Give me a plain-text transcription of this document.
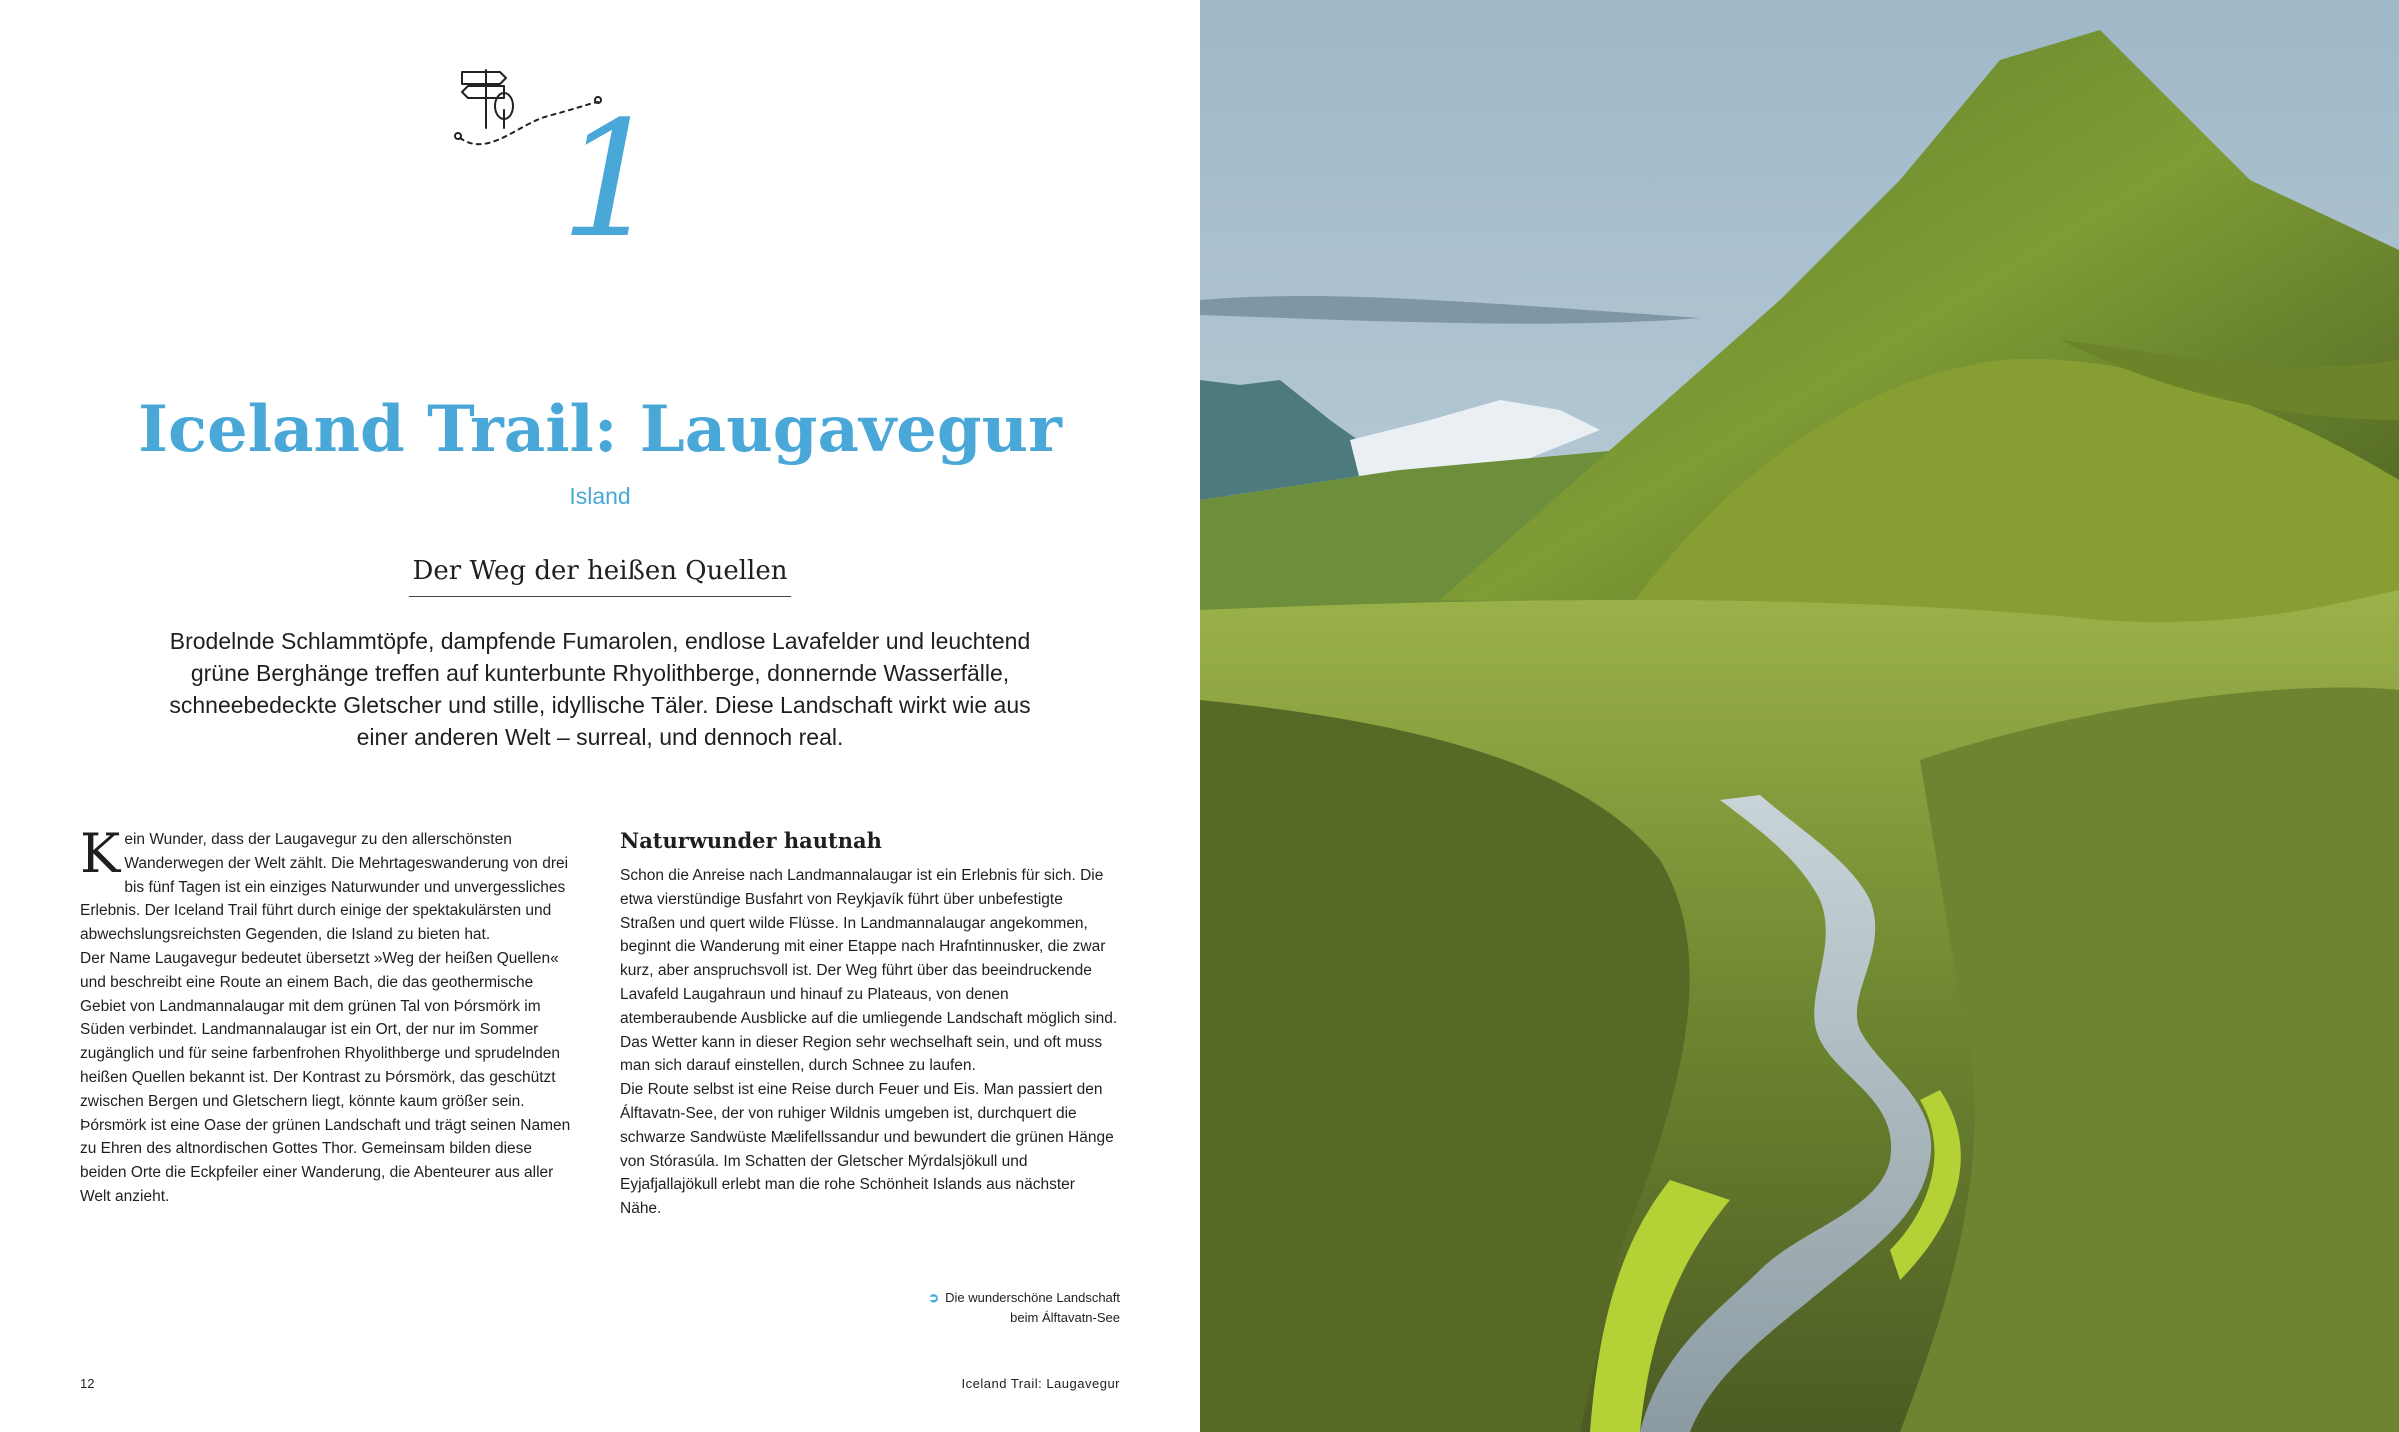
1
Iceland Trail: Laugavegur
Island
Der Weg der heißen Quellen

Brodelnde Schlammtöpfe, dampfende Fumarolen, endlose Lavafelder und leuchtend grüne Berghänge treffen auf kunterbunte Rhyolithberge, donnernde Wasserfälle, schneebedeckte Gletscher und stille, idyllische Täler. Diese Landschaft wirkt wie aus einer anderen Welt – surreal, und dennoch real.

Kein Wunder, dass der Laugavegur zu den allerschönsten Wanderwegen der Welt zählt. Die Mehrtageswanderung von drei bis fünf Tagen ist ein einziges Naturwunder und unvergessliches Erlebnis. Der Iceland Trail führt durch einige der spektakulärsten und abwechslungsreichsten Gegenden, die Island zu bieten hat.

Der Name Laugavegur bedeutet übersetzt »Weg der heißen Quellen« und beschreibt eine Route an einem Bach, die das geothermische Gebiet von Landmannalaugar mit dem grünen Tal von Þórsmörk im Süden verbindet. Landmannalaugar ist ein Ort, der nur im Sommer zugänglich und für seine farbenfrohen Rhyolithberge und sprudelnden heißen Quellen bekannt ist. Der Kontrast zu Þórsmörk, das geschützt zwischen Bergen und Gletschern liegt, könnte kaum größer sein. Þórsmörk ist eine Oase der grünen Landschaft und trägt seinen Namen zu Ehren des altnordischen Gottes Thor. Gemeinsam bilden diese beiden Orte die Eckpfeiler einer Wanderung, die Abenteurer aus aller Welt anzieht.

Naturwunder hautnah

Schon die Anreise nach Landmannalaugar ist ein Erlebnis für sich. Die etwa vierstündige Busfahrt von Reykjavík führt über unbefestigte Straßen und quert wilde Flüsse. In Landmannalaugar angekommen, beginnt die Wanderung mit einer Etappe nach Hrafntinnusker, die zwar kurz, aber anspruchsvoll ist. Der Weg führt über das beeindruckende Lavafeld Laugahraun und hinauf zu Plateaus, von denen atemberaubende Ausblicke auf die umliegende Landschaft möglich sind. Das Wetter kann in dieser Region sehr wechselhaft sein, und oft muss man sich darauf einstellen, durch Schnee zu laufen.

Die Route selbst ist eine Reise durch Feuer und Eis. Man passiert den Álftavatn-See, der von ruhiger Wildnis umgeben ist, durchquert die schwarze Sandwüste Mælifellssandur und bewundert die grünen Hänge von Stórasúla. Im Schatten der Gletscher Mýrdalsjökull und Eyjafjallajökull erlebt man die rohe Schönheit Islands aus nächster Nähe.

➲ Die wunderschöne Landschaft
beim Álftavatn-See
12	Iceland Trail: Laugavegur
